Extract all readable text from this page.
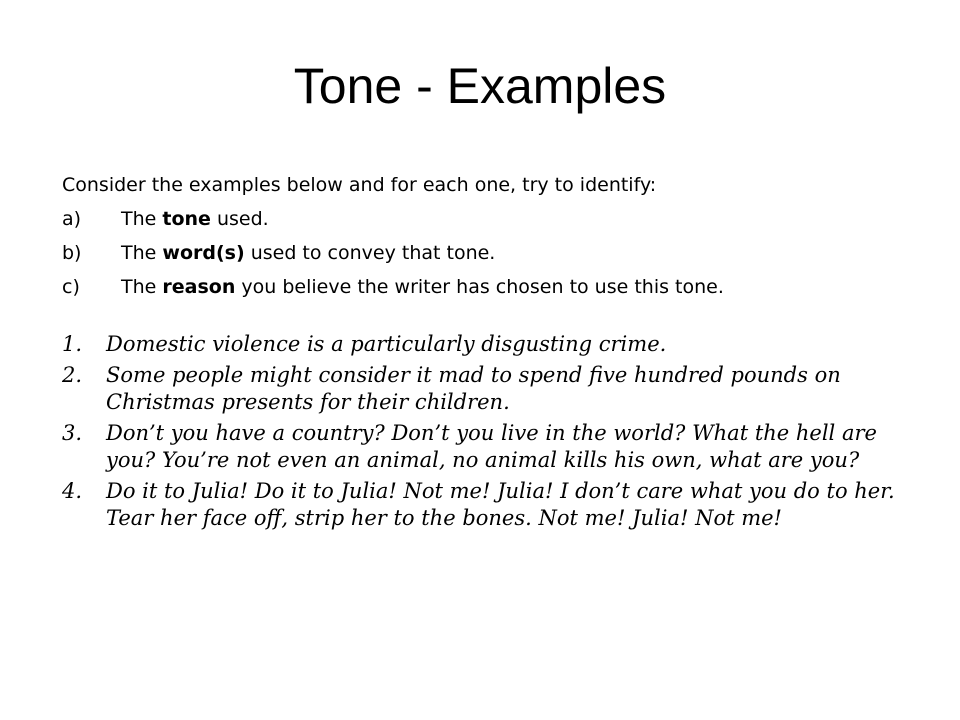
Tone - Examples

Consider the examples below and for each one, try to identify:

a) The tone used.
b) The word(s) used to convey that tone.
c) The reason you believe the writer has chosen to use this tone.
1. Domestic violence is a particularly disgusting crime.
2. Some people might consider it mad to spend five hundred pounds on Christmas presents for their children.
3. Don’t you have a country? Don’t you live in the world? What the hell are you? You’re not even an animal, no animal kills his own, what are you?
4. Do it to Julia! Do it to Julia! Not me! Julia! I don’t care what you do to her. Tear her face off, strip her to the bones. Not me! Julia! Not me!
